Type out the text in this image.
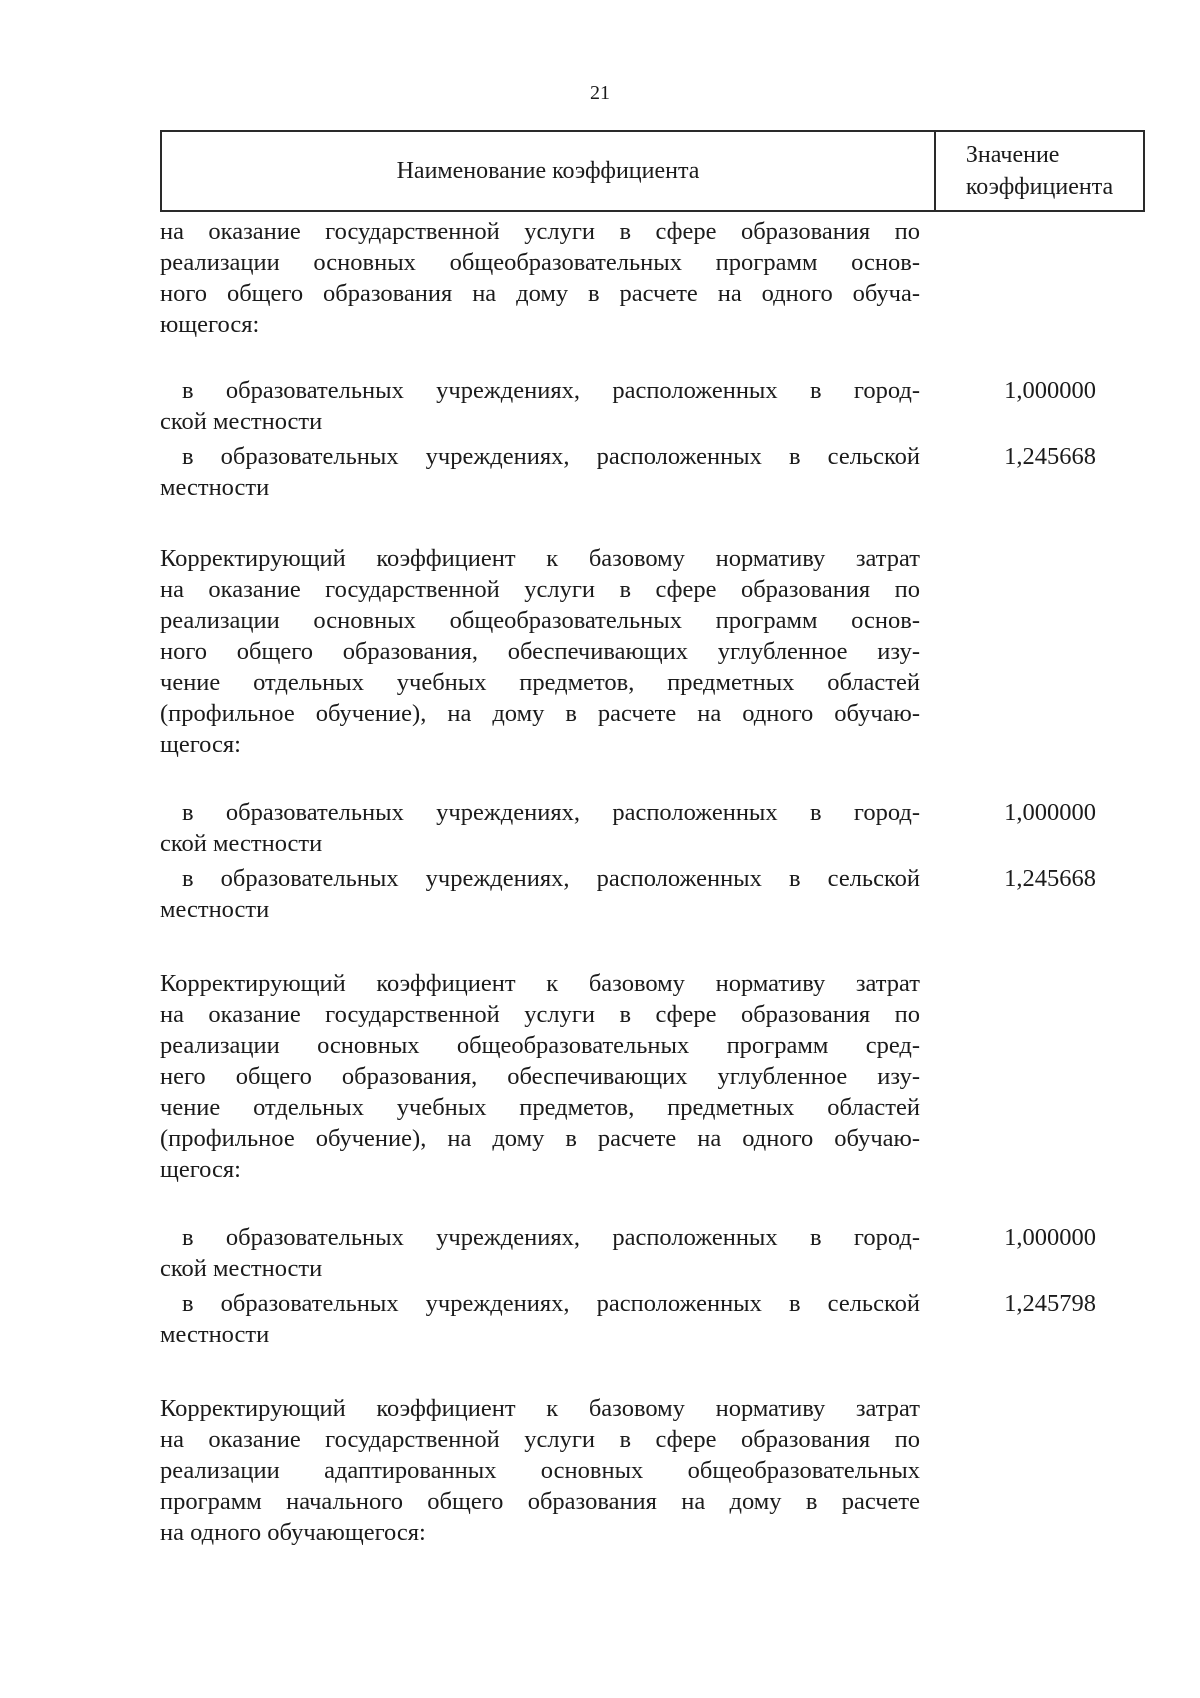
21
Наименование коэффициента
Значение
коэффициента
на оказание государственной услуги в сфере образования по
реализации основных общеобразовательных программ основ-
ного общего образования на дому в расчете на одного обуча-
ющегося:
в образовательных учреждениях, расположенных в город-
ской местности
1,000000
в образовательных учреждениях, расположенных в сельской
местности
1,245668
Корректирующий коэффициент к базовому нормативу затрат
на оказание государственной услуги в сфере образования по
реализации основных общеобразовательных программ основ-
ного общего образования, обеспечивающих углубленное изу-
чение отдельных учебных предметов, предметных областей
(профильное обучение), на дому в расчете на одного обучаю-
щегося:
в образовательных учреждениях, расположенных в город-
ской местности
1,000000
в образовательных учреждениях, расположенных в сельской
местности
1,245668
Корректирующий коэффициент к базовому нормативу затрат
на оказание государственной услуги в сфере образования по
реализации основных общеобразовательных программ сред-
него общего образования, обеспечивающих углубленное изу-
чение отдельных учебных предметов, предметных областей
(профильное обучение), на дому в расчете на одного обучаю-
щегося:
в образовательных учреждениях, расположенных в город-
ской местности
1,000000
в образовательных учреждениях, расположенных в сельской
местности
1,245798
Корректирующий коэффициент к базовому нормативу затрат
на оказание государственной услуги в сфере образования по
реализации адаптированных основных общеобразовательных
программ начального общего образования на дому в расчете
на одного обучающегося:
